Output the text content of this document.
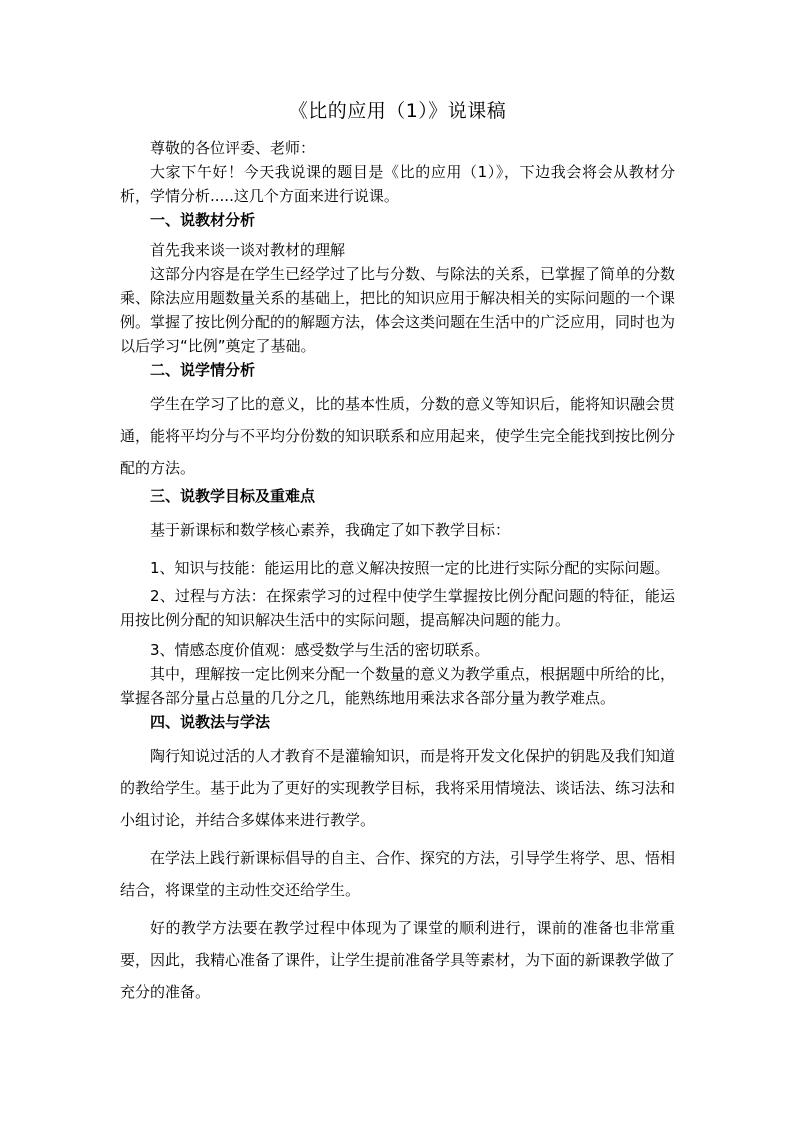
《比的应用（1）》说课稿

尊敬的各位评委、老师：

大家下午好！今天我说课的题目是《比的应用（1）》，下边我会将会从教材分析，学情分析.....这几个方面来进行说课。

一、说教材分析

首先我来谈一谈对教材的理解

这部分内容是在学生已经学过了比与分数、与除法的关系，已掌握了简单的分数乘、除法应用题数量关系的基础上，把比的知识应用于解决相关的实际问题的一个课例。掌握了按比例分配的的解题方法，体会这类问题在生活中的广泛应用，同时也为以后学习“比例”奠定了基础。

二、说学情分析

学生在学习了比的意义，比的基本性质，分数的意义等知识后，能将知识融会贯通，能将平均分与不平均分份数的知识联系和应用起来，使学生完全能找到按比例分配的方法。

三、说教学目标及重难点

基于新课标和数学核心素养，我确定了如下教学目标：

1、知识与技能：能运用比的意义解决按照一定的比进行实际分配的实际问题。

2、过程与方法：在探索学习的过程中使学生掌握按比例分配问题的特征，能运用按比例分配的知识解决生活中的实际问题，提高解决问题的能力。

3、情感态度价值观：感受数学与生活的密切联系。

其中，理解按一定比例来分配一个数量的意义为教学重点，根据题中所给的比，掌握各部分量占总量的几分之几，能熟练地用乘法求各部分量为教学难点。

四、说教法与学法

陶行知说过活的人才教育不是灌输知识，而是将开发文化保护的钥匙及我们知道的教给学生。基于此为了更好的实现教学目标，我将采用情境法、谈话法、练习法和小组讨论，并结合多媒体来进行教学。

在学法上践行新课标倡导的自主、合作、探究的方法，引导学生将学、思、悟相结合，将课堂的主动性交还给学生。

好的教学方法要在教学过程中体现为了课堂的顺利进行，课前的准备也非常重要，因此，我精心准备了课件，让学生提前准备学具等素材，为下面的新课教学做了充分的准备。
